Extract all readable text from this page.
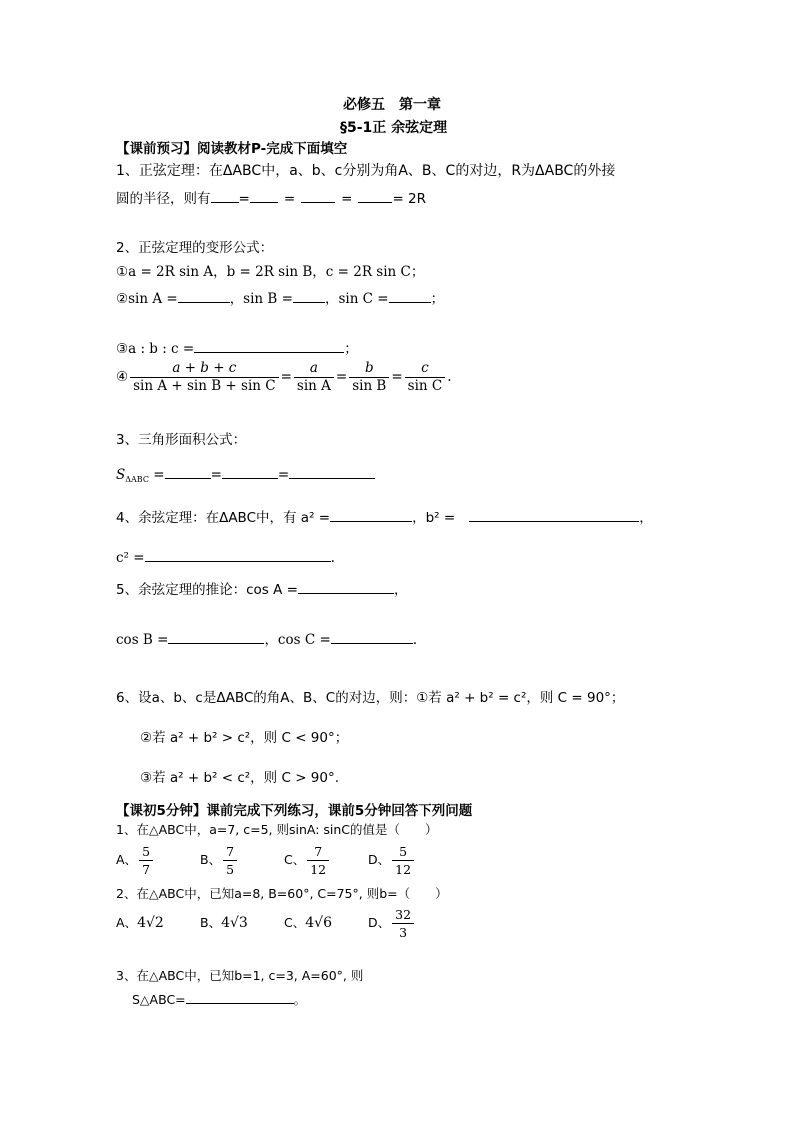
必修五　第一章
§5-1正 余弦定理
【课前预习】阅读教材P-完成下面填空
1、正弦定理：在ΔABC中，a、b、c分别为角A、B、C的对边，R为ΔABC的外接
圆的半径，则有 =	=	=	= 2R
2、正弦定理的变形公式：
①a = 2R sin A，b = 2R sin B，c = 2R sin C；
②sin A =	，sin B = ，sin C =	；
③a : b : c =	；
④ $\frac{a + b + c}{\text{sin A + sin B + sin C}} = \frac{a}{\text{sin A}} = \frac{b}{\text{sin B}} = \frac{c}{\text{sin C}}$ .
3、三角形面积公式：
$S_{\Delta ABC}$ =	=	=
4、余弦定理：在ΔABC中，有 a² =	，b² =	，
c² =	.
5、余弦定理的推论：cos A =	，
cos B =	，cos C =	.
6、设a、b、c是ΔABC的角A、B、C的对边，则：①若 a² + b² = c²，则 C = 90°；
②若 a² + b² > c²，则 C < 90°；
③若 a² + b² < c²，则 C > 90°.
【课初5分钟】课前完成下列练习，课前5分钟回答下列问题
1、在△ABC中，a=7, c=5, 则sinA: sinC的值是（　　）
A、 $\frac{5}{7}$	B、 $\frac{7}{5}$	C、 $\frac{7}{12}$	D、 $\frac{5}{12}$
2、在△ABC中，已知a=8, B=60°, C=75°, 则b=（　　）
A、4√2	B、4√3	C、4√6	D、 $\frac{32}{3}$
3、在△ABC中，已知b=1, c=3, A=60°, 则
S△ABC=	。
